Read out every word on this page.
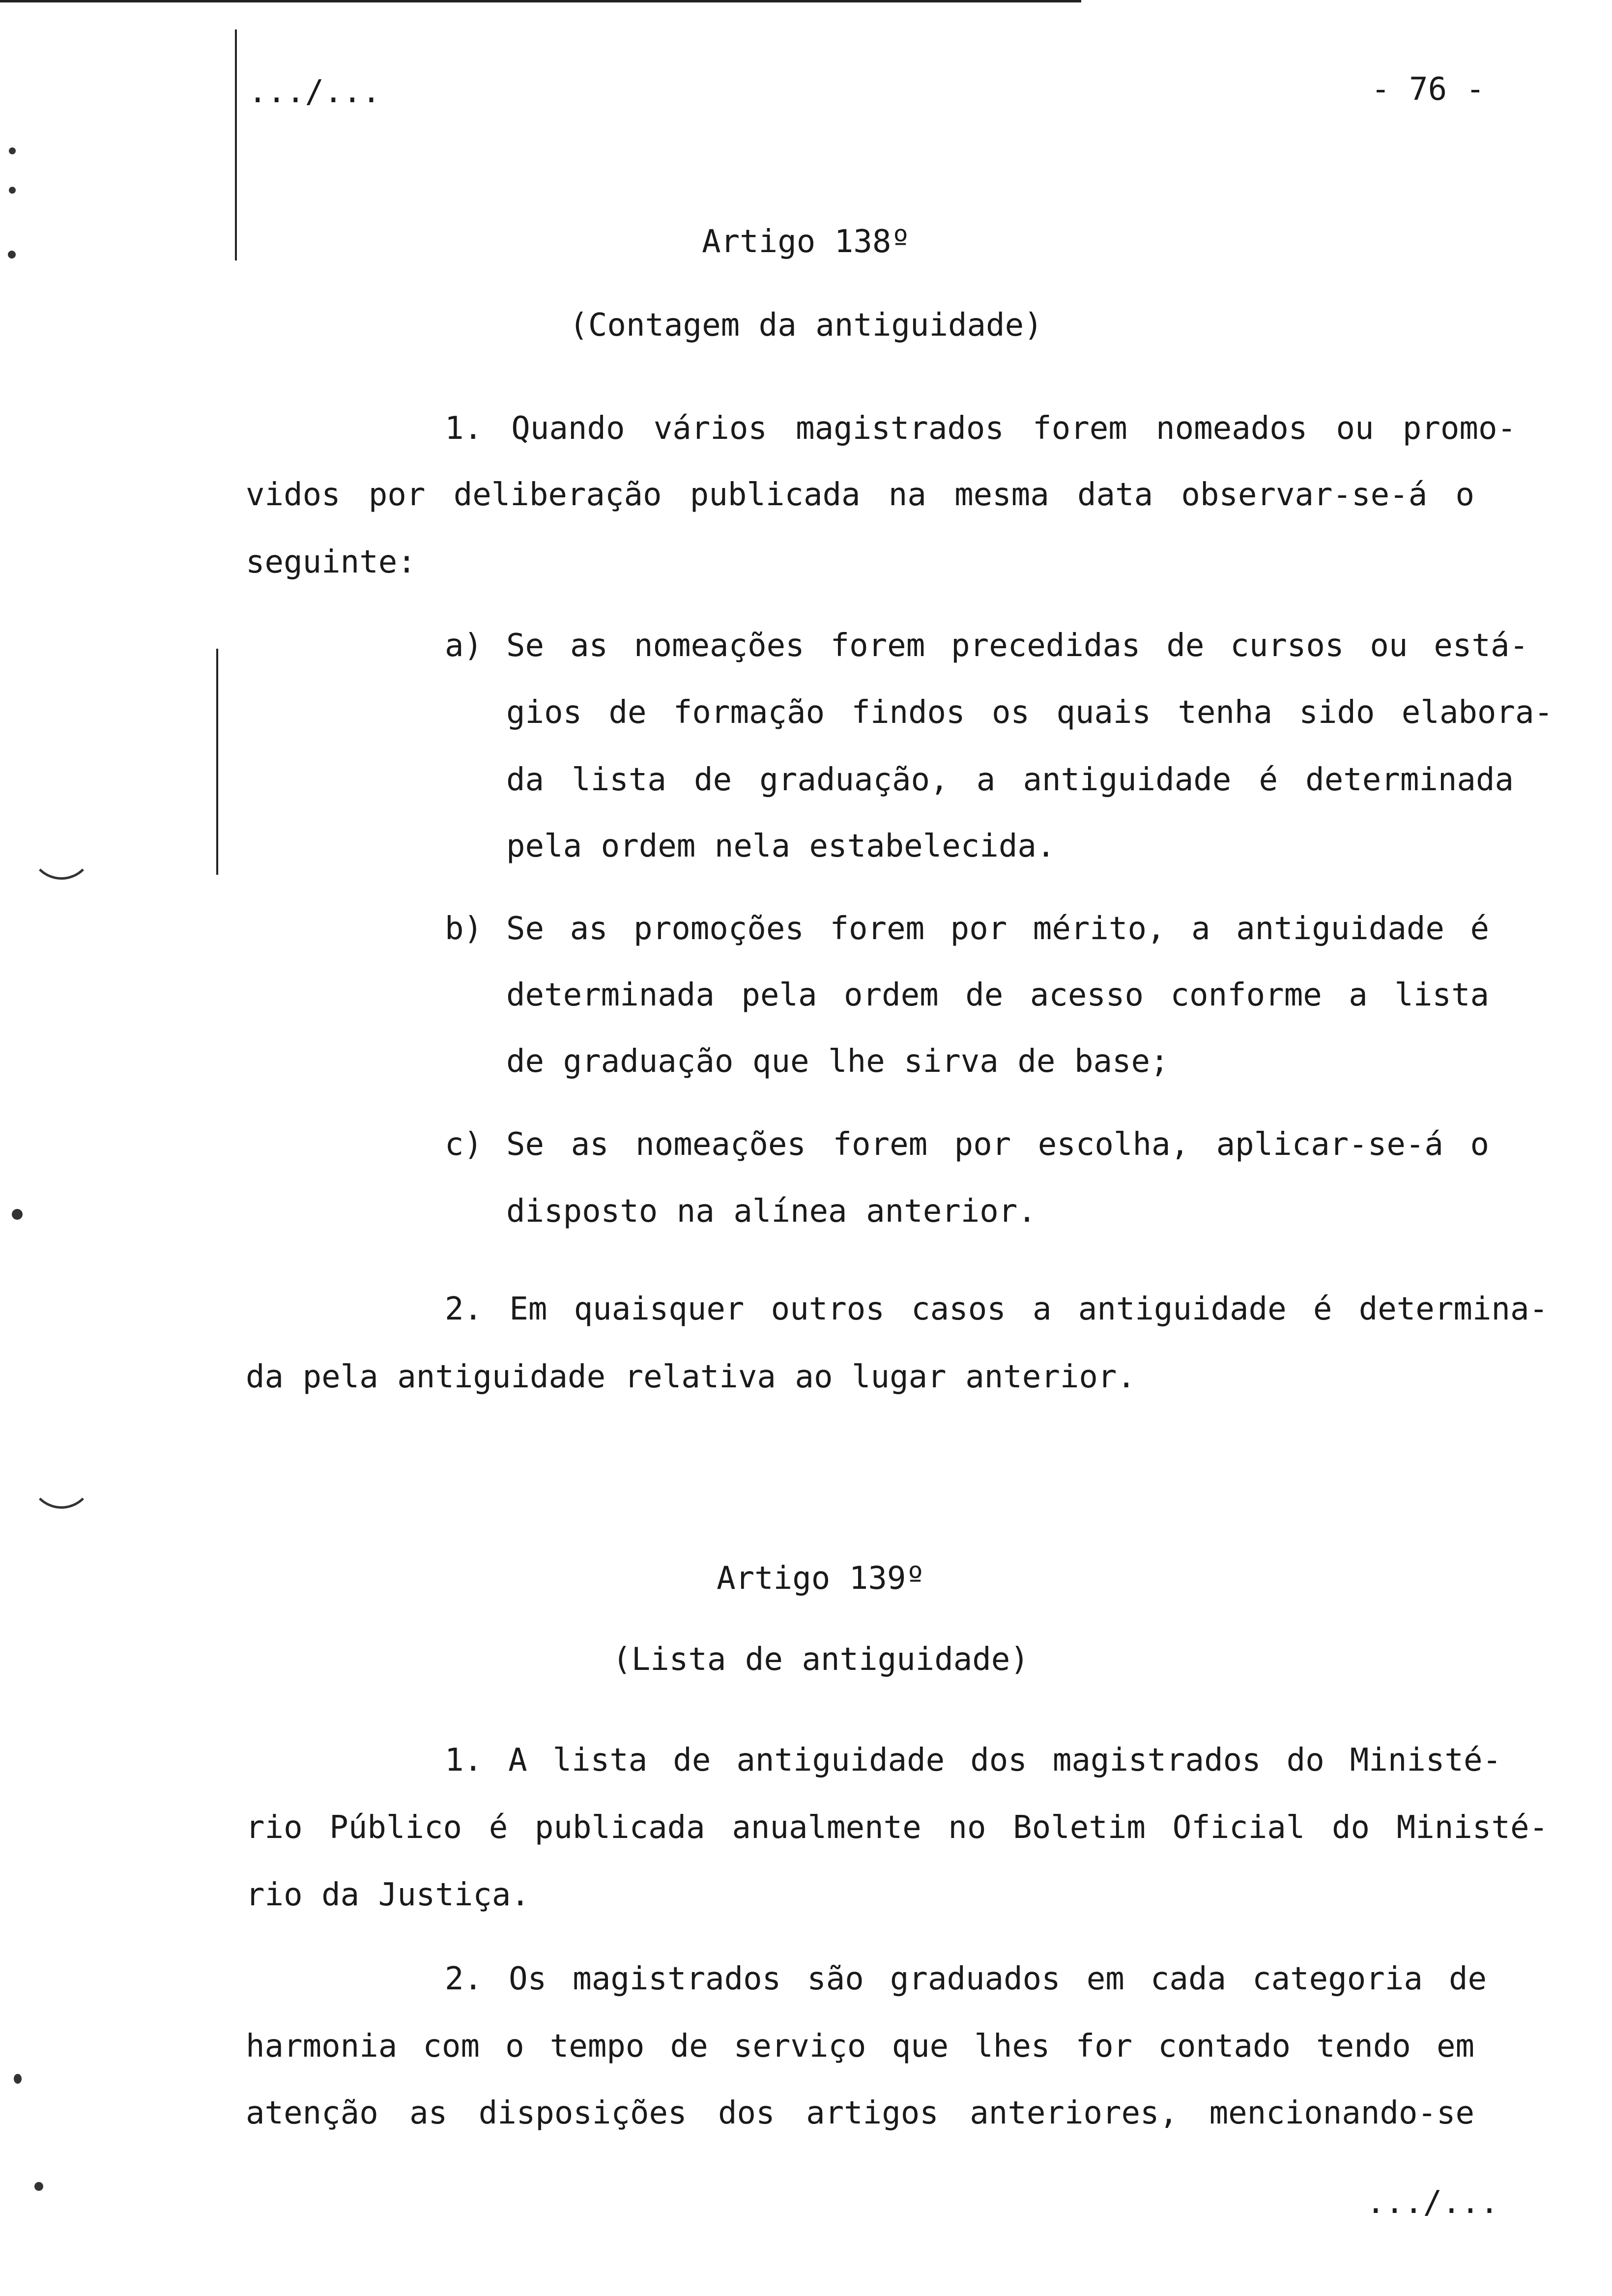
.../...	- 76 -
Artigo 138º
(Contagem da antiguidade)
1. Quando vários magistrados forem nomeados ou promo-
vidos por deliberação publicada na mesma data observar-se-á o
seguinte:
a) Se as nomeações forem precedidas de cursos ou está-
gios de formação findos os quais tenha sido elabora-
da lista de graduação, a antiguidade é determinada
pela ordem nela estabelecida.
b) Se as promoções forem por mérito, a antiguidade é
determinada pela ordem de acesso conforme a lista
de graduação que lhe sirva de base;
c) Se as nomeações forem por escolha, aplicar-se-á o
disposto na alínea anterior.
2. Em quaisquer outros casos a antiguidade é determina-
da pela antiguidade relativa ao lugar anterior.
Artigo 139º
(Lista de antiguidade)
1. A lista de antiguidade dos magistrados do Ministé-
rio Público é publicada anualmente no Boletim Oficial do Ministé-
rio da Justiça.
2. Os magistrados são graduados em cada categoria de
harmonia com o tempo de serviço que lhes for contado tendo em
atenção as disposições dos artigos anteriores, mencionando-se
.../...
